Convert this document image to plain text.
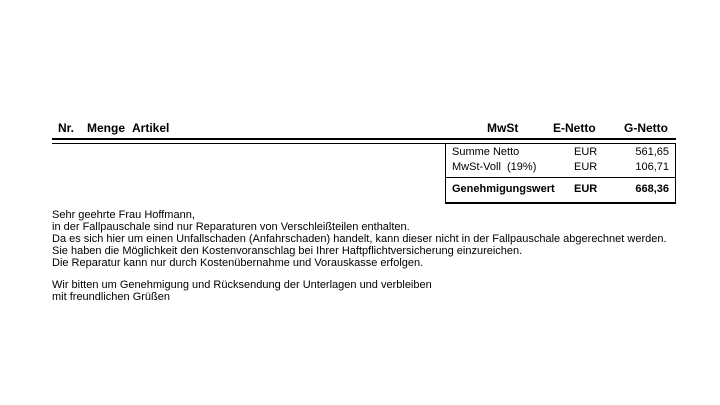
Nr. Menge Artikel	MwSt	E-Netto G-Netto
Summe Netto	EUR	561,65
MwSt-Voll  (19%)	EUR	106,71
Genehmigungswert EUR	668,36
Sehr geehrte Frau Hoffmann,
in der Fallpauschale sind nur Reparaturen von Verschleißteilen enthalten.
Da es sich hier um einen Unfallschaden (Anfahrschaden) handelt, kann dieser nicht in der Fallpauschale abgerechnet werden.
Sie haben die Möglichkeit den Kostenvoranschlag bei Ihrer Haftpflichtversicherung einzureichen.
Die Reparatur kann nur durch Kostenübernahme und Vorauskasse erfolgen.
Wir bitten um Genehmigung und Rücksendung der Unterlagen und verbleiben
mit freundlichen Grüßen
